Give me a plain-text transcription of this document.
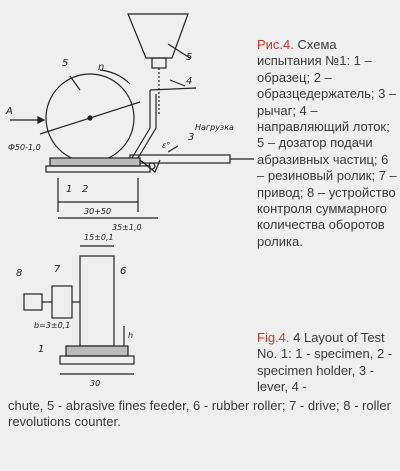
5
5
4
3
n
A
Нагрузка
Ф50-1,0	ε°
1 2
30+50
35±1,0
8	7	6
15±0,1
b=3±0,1
1
h
30

Рис.4. Схема испытания №1: 1 – образец; 2 – образцедержатель; 3 – рычаг; 4 – направляющий лоток; 5 – дозатор подачи абразивных частиц; 6 – резиновый ролик; 7 – привод; 8 – устройство контроля суммарного количества оборотов ролика.

Fig.4. 4 Layout of Test No. 1: 1 - specimen, 2 - specimen holder, 3 - lever, 4 -

chute, 5 - abrasive fines feeder, 6 - rubber roller; 7 - drive; 8 - roller revolutions counter.
